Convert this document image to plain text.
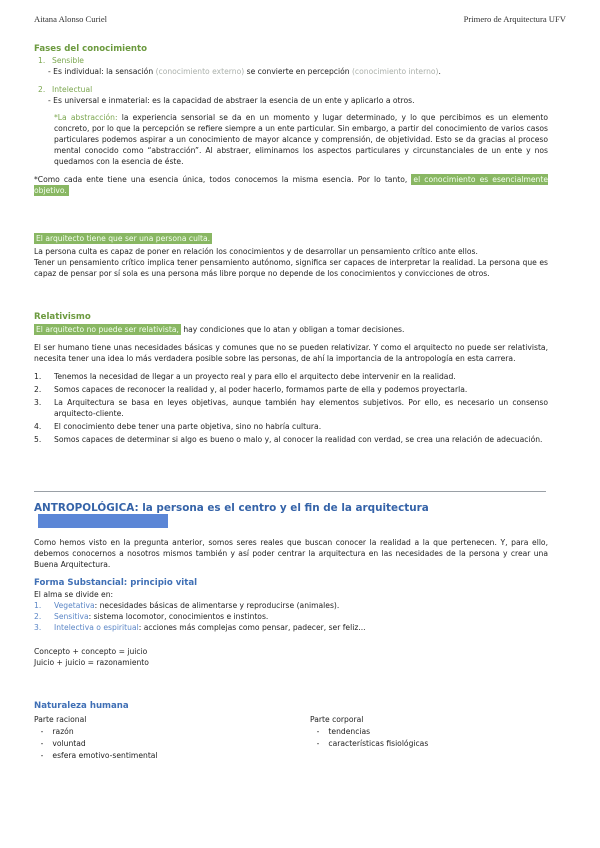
Aitana Alonso Curiel	Primero de Arquitectura UFV
Fases del conocimiento
1. Sensible
- Es individual: la sensación (conocimiento externo) se convierte en percepción (conocimiento interno).
2. Intelectual
- Es universal e inmaterial: es la capacidad de abstraer la esencia de un ente y aplicarlo a otros.
*La abstracción: la experiencia sensorial se da en un momento y lugar determinado, y lo que percibimos es un elemento concreto, por lo que la percepción se refiere siempre a un ente particular. Sin embargo, a partir del conocimiento de varios casos particulares podemos aspirar a un conocimiento de mayor alcance y comprensión, de objetividad. Esto se da gracias al proceso mental conocido como “abstracción”. Al abstraer, eliminamos los aspectos particulares y circunstanciales de un ente y nos quedamos con la esencia de éste.
*Como cada ente tiene una esencia única, todos conocemos la misma esencia. Por lo tanto, el conocimiento es esencialmente objetivo.
El arquitecto tiene que ser una persona culta.
La persona culta es capaz de poner en relación los conocimientos y de desarrollar un pensamiento crítico ante ellos.
Tener un pensamiento crítico implica tener pensamiento autónomo, significa ser capaces de interpretar la realidad. La persona que es capaz de pensar por sí sola es una persona más libre porque no depende de los conocimientos y convicciones de otros.
Relativismo
El arquitecto no puede ser relativista, hay condiciones que lo atan y obligan a tomar decisiones.
El ser humano tiene unas necesidades básicas y comunes que no se pueden relativizar. Y como el arquitecto no puede ser relativista, necesita tener una idea lo más verdadera posible sobre las personas, de ahí la importancia de la antropología en esta carrera.
1.	Tenemos la necesidad de llegar a un proyecto real y para ello el arquitecto debe intervenir en la realidad.
2.	Somos capaces de reconocer la realidad y, al poder hacerlo, formamos parte de ella y podemos proyectarla.
3.	La Arquitectura se basa en leyes objetivas, aunque también hay elementos subjetivos. Por ello, es necesario un consenso arquitecto-cliente.
4.	El conocimiento debe tener una parte objetiva, sino no habría cultura.
5.	Somos capaces de determinar si algo es bueno o malo y, al conocer la realidad con verdad, se crea una relación de adecuación.
ANTROPOLÓGICA: la persona es el centro y el fin de la arquitectura
Como hemos visto en la pregunta anterior, somos seres reales que buscan conocer la realidad a la que pertenecen. Y, para ello, debemos conocernos a nosotros mismos también y así poder centrar la arquitectura en las necesidades de la persona y crear una Buena Arquitectura.
Forma Substancial: principio vital
El alma se divide en:
1. Vegetativa: necesidades básicas de alimentarse y reproducirse (animales).
2. Sensitiva: sistema locomotor, conocimientos e instintos.
3. Intelectiva o espiritual: acciones más complejas como pensar, padecer, ser feliz...
Concepto + concepto = juicio
Juicio + juicio = razonamiento
Naturaleza humana
Parte racional
- razón
- voluntad
- esfera emotivo-sentimental
Parte corporal
- tendencias
- características fisiológicas
